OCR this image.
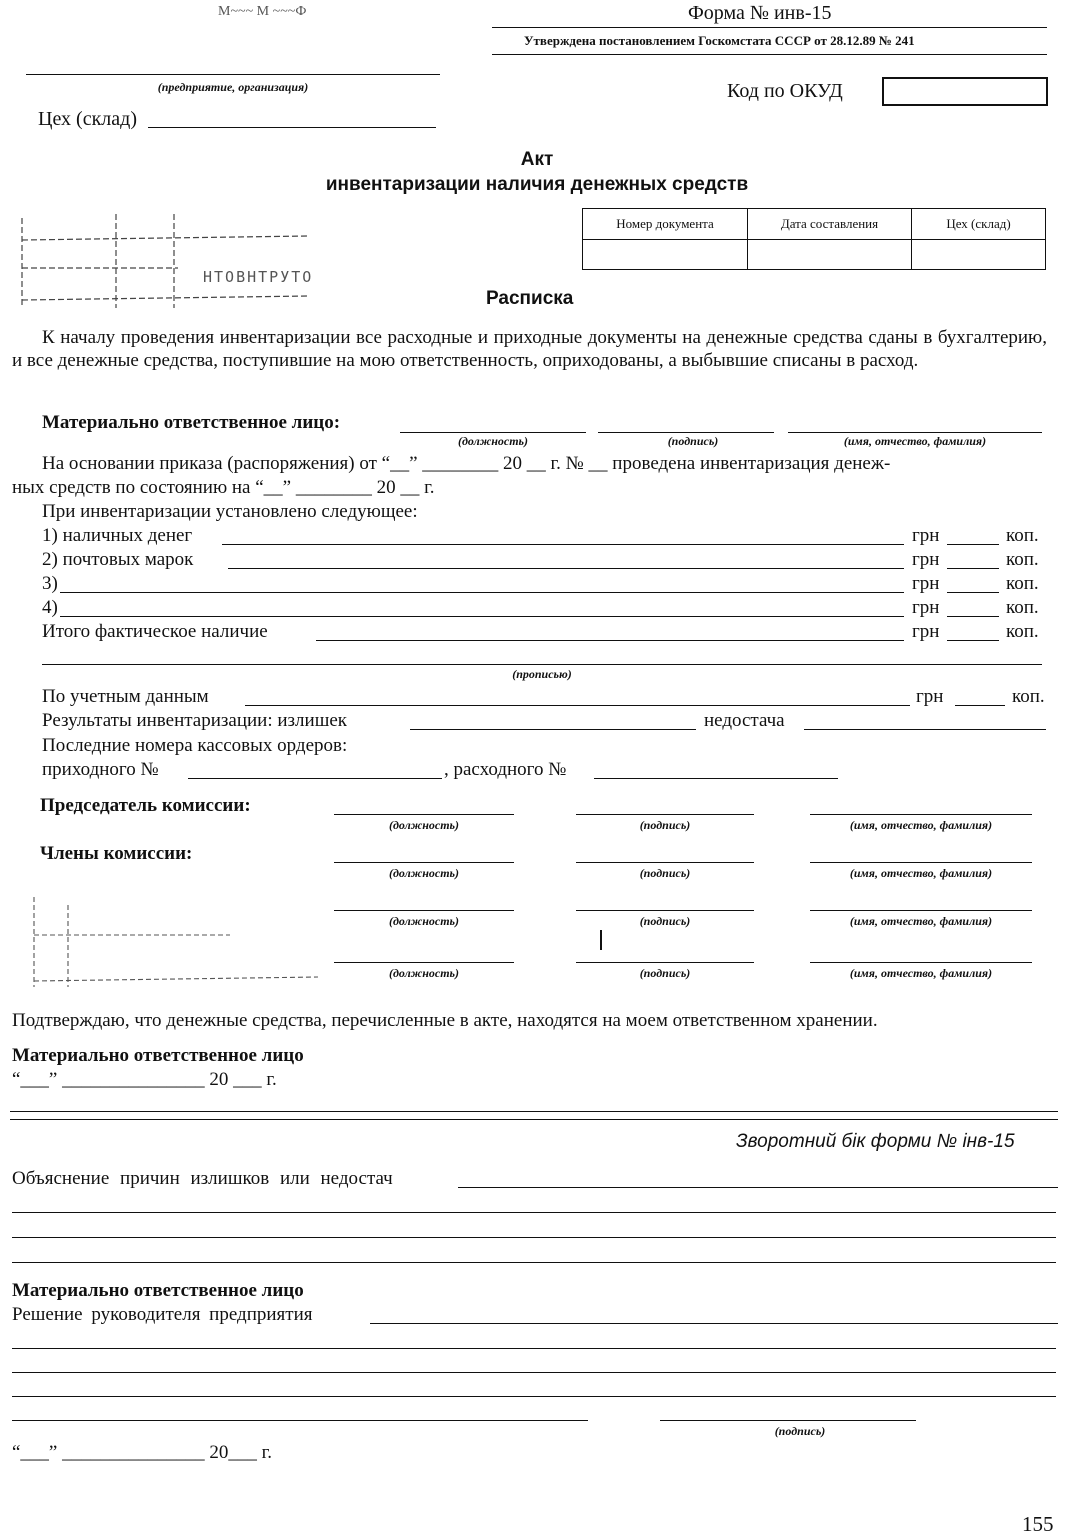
М~~~ М ~~~Ф	Форма № инв-15
Утверждена постановлением Госкомстата СССР от 28.12.89 № 241
(предприятие, организация)	Код по ОКУД
Цех (склад)
Акт
инвентаризации наличия денежных средств
Номер документа	Дата составления	Цех (склад)

НТОВНТРУТО
Расписка
К началу проведения инвентаризации все расходные и приходные документы на денежные средства сданы в бухгалтерию, и все денежные средства, поступившие на мою ответственность, оприходованы, а выбывшие списаны в расход.
Материально ответственное лицо:
(должность)	(подпись)	(имя, отчество, фамилия)
На основании приказа (распоряжения) от “__” ________ 20 __ г. № __ проведена инвентаризация денеж-
ных средств по состоянию на “__” ________ 20 __ г.
При инвентаризации установлено следующее:
1) наличных денег	грн	коп.
2) почтовых марок	грн	коп.
3)	грн	коп.
4)	грн	коп.
Итого фактическое наличие	грн	коп.
(прописью)
По учетным данным	грн	коп.
Результаты инвентаризации: излишек	недостача
Последние номера кассовых ордеров:
приходного №	, расходного №
Председатель комиссии:
(должность)	(подпись)	(имя, отчество, фамилия)
Члены комиссии:
(должность)	(подпись)	(имя, отчество, фамилия)
(должность)	(подпись)	(имя, отчество, фамилия)
(должность)	(подпись)	(имя, отчество, фамилия)
Подтверждаю, что денежные средства, перечисленные в акте, находятся на моем ответственном хранении.
Материально ответственное лицо
“___” _______________ 20 ___ г.
Зворотний бік форми № інв-15
Объяснение причин излишков или недостач
Материально ответственное лицо
Решение руководителя предприятия
(подпись)
“___” _______________ 20___ г.
155
